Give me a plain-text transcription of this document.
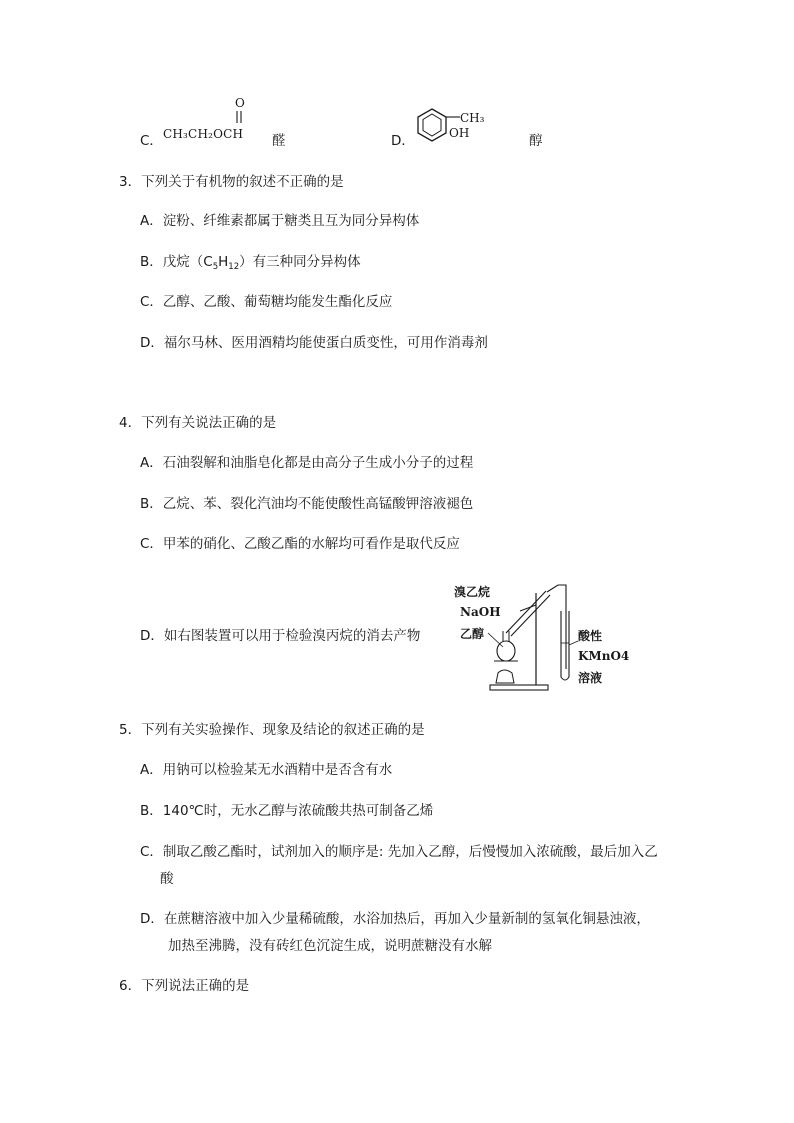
C．
O
CH₃CH₂OCH 醛	D．
CH₃
OH	醇
3．下列关于有机物的叙述不正确的是
A．淀粉、纤维素都属于糖类且互为同分异构体
B．戊烷$(C_5H_{12})$有三种同分异构体
C．乙醇、乙酸、葡萄糖均能发生酯化反应
D．福尔马林、医用酒精均能使蛋白质变性，可用作消毒剂
4．下列有关说法正确的是
A．石油裂解和油脂皂化都是由高分子生成小分子的过程
B．乙烷、苯、裂化汽油均不能使酸性高锰酸钾溶液褪色
C．甲苯的硝化、乙酸乙酯的水解均可看作是取代反应
D．如右图装置可以用于检验溴丙烷的消去产物
溴乙烷
NaOH
乙醇	酸性
KMnO4
溶液
5．下列有关实验操作、现象及结论的叙述正确的是
A．用钠可以检验某无水酒精中是否含有水
B．140℃时，无水乙醇与浓硫酸共热可制备乙烯
C．制取乙酸乙酯时，试剂加入的顺序是: 先加入乙醇，后慢慢加入浓硫酸，最后加入乙
酸
D．在蔗糖溶液中加入少量稀硫酸，水浴加热后，再加入少量新制的氢氧化铜悬浊液，
加热至沸腾，没有砖红色沉淀生成，说明蔗糖没有水解
6．下列说法正确的是
